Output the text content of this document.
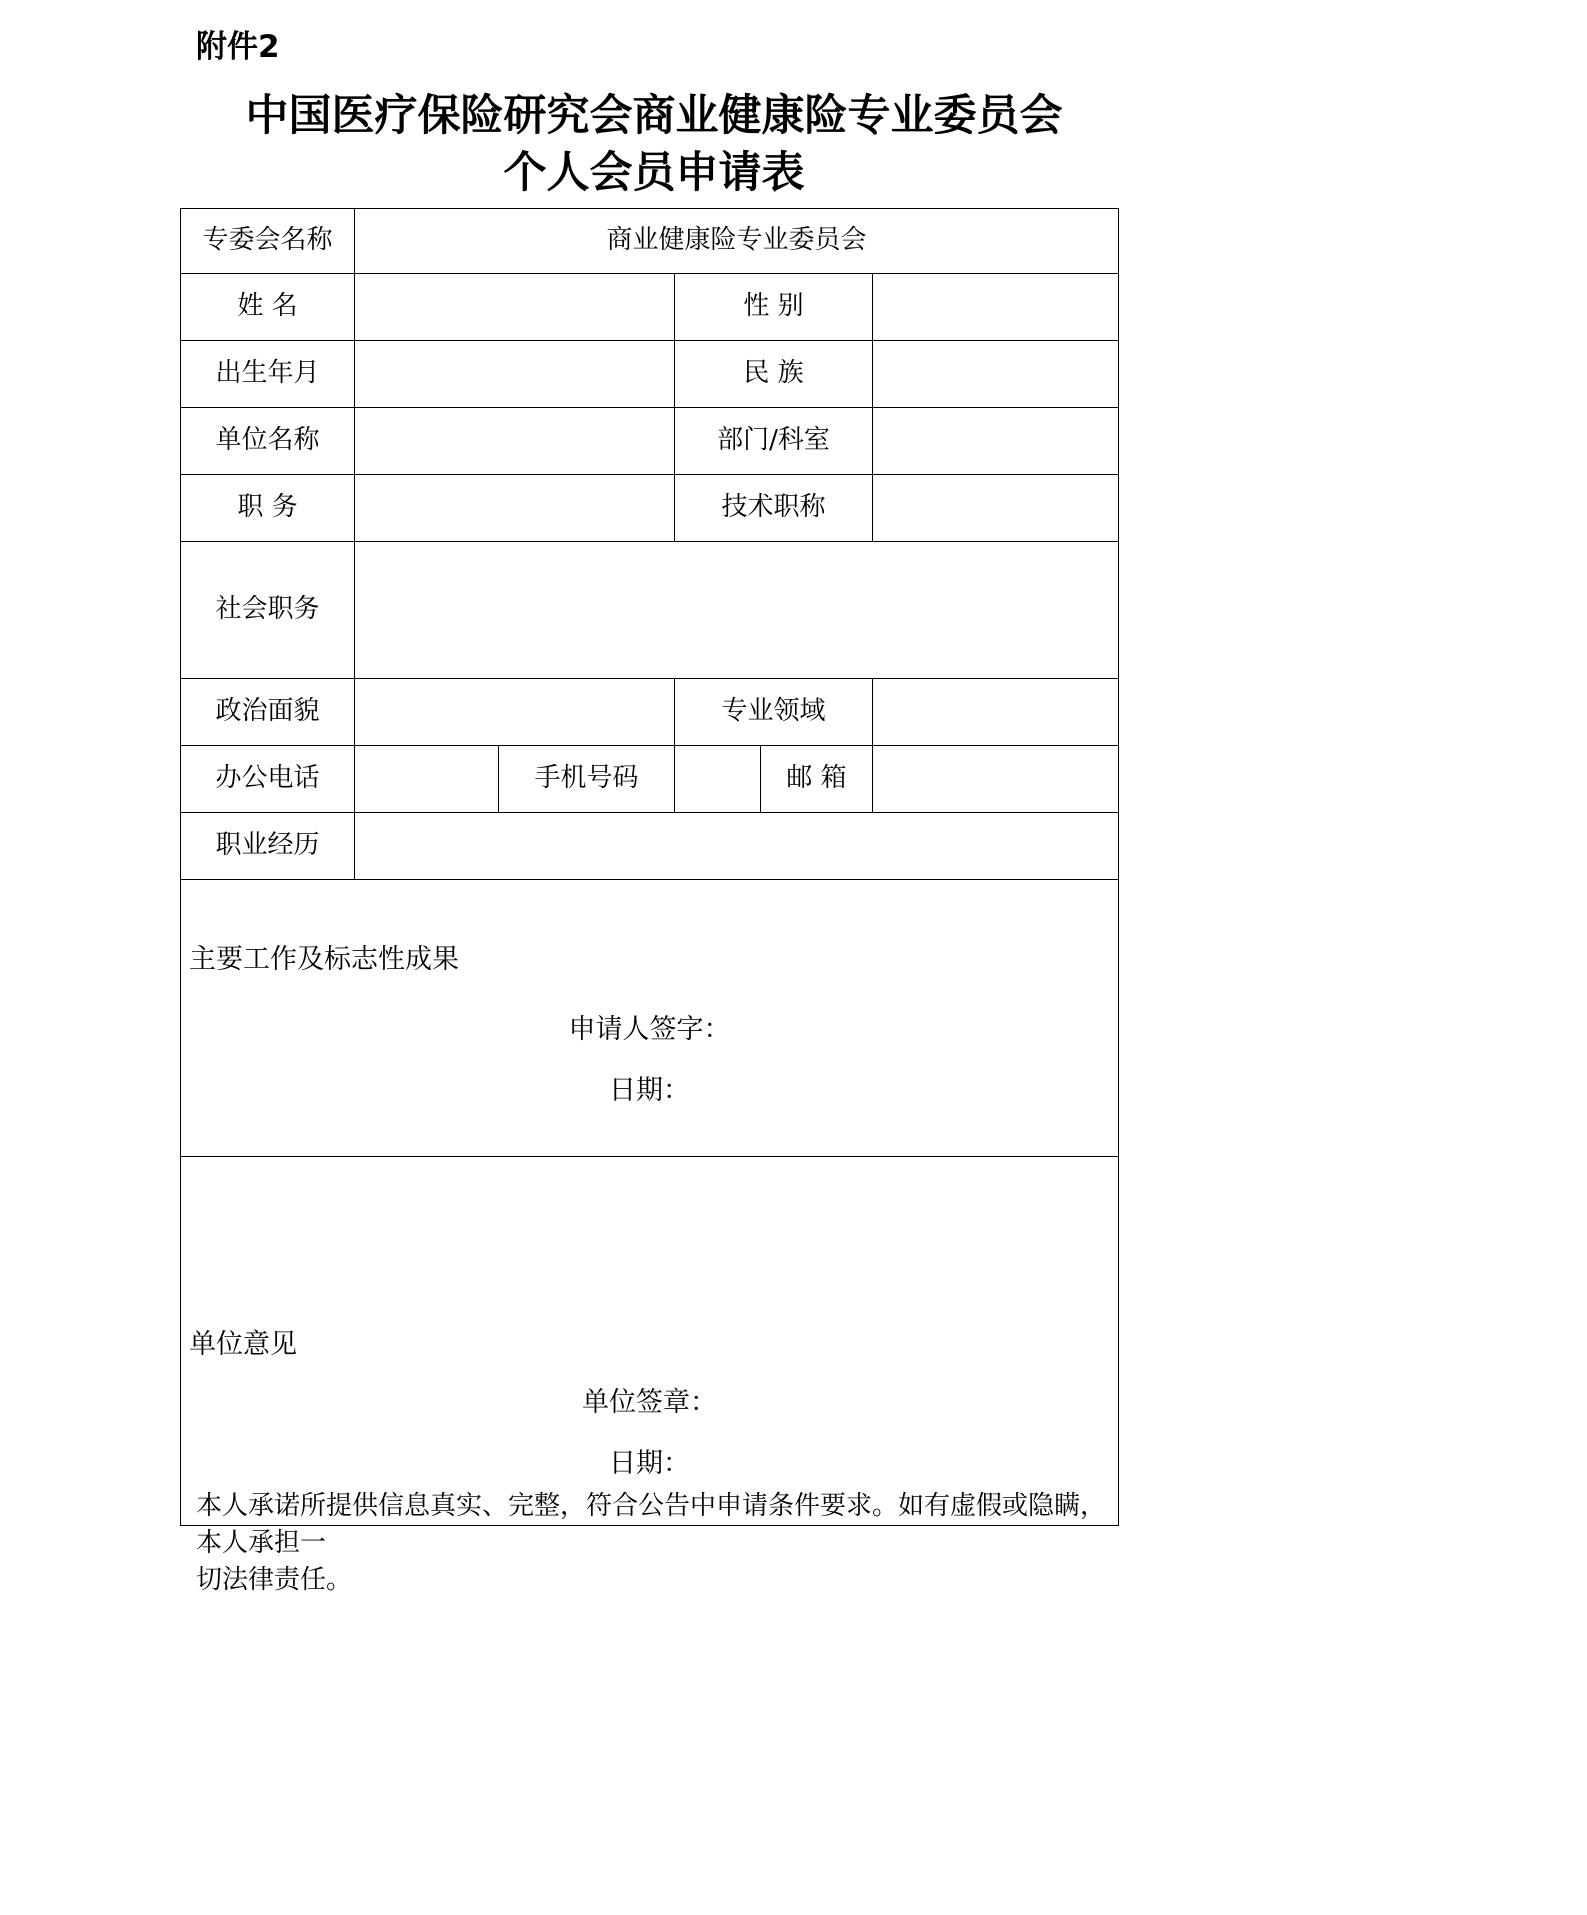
附件2
中国医疗保险研究会商业健康险专业委员会
个人会员申请表
专委会名称	商业健康险专业委员会				
姓 名			性 别		
出生年月			民 族		
单位名称			部门/科室		
职 务			技术职称		
社会职务					
政治面貌			专业领域		
办公电话		手机号码		邮 箱	
职业经历					

主要工作及标志性成果
申请人签字：
日期：					

单位意见
单位签章：
日期：					
本人承诺所提供信息真实、完整，符合公告中申请条件要求。如有虚假或隐瞒，本人承担一
切法律责任。
